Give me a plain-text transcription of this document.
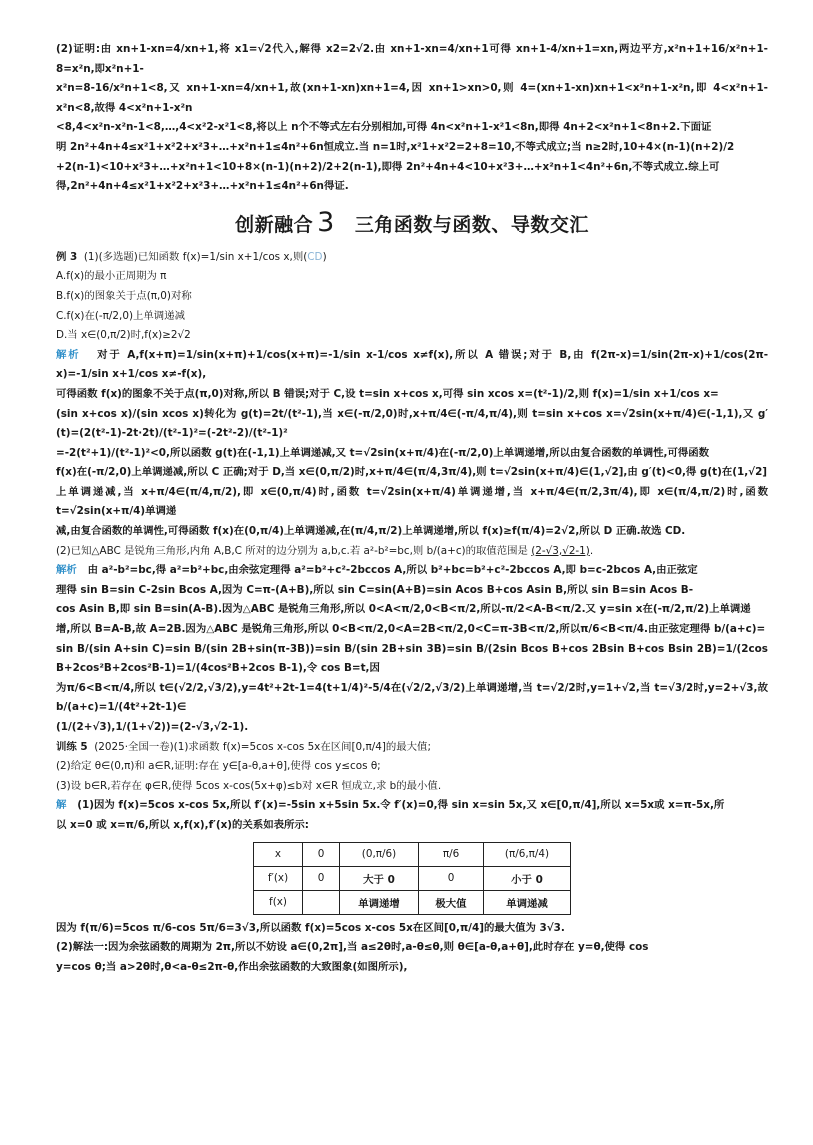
(2)证明:由 xn+1-xn=4/xn+1,将 x1=√2代入,解得 x2=2√2.由 xn+1-xn=4/xn+1可得 xn+1-4/xn+1=xn,两边平方,x²n+1+16/x²n+1-8=x²n,即x²n+1-

x²n=8-16/x²n+1<8,又 xn+1-xn=4/xn+1,故(xn+1-xn)xn+1=4,因 xn+1>xn>0,则 4=(xn+1-xn)xn+1<x²n+1-x²n,即 4<x²n+1-x²n<8,故得 4<x²n+1-x²n

<8,4<x²n-x²n-1<8,…,4<x²2-x²1<8,将以上 n个不等式左右分别相加,可得 4n<x²n+1-x²1<8n,即得 4n+2<x²n+1<8n+2.下面证

明 2n²+4n+4≤x²1+x²2+x²3+…+x²n+1≤4n²+6n恒成立.当 n=1时,x²1+x²2=2+8=10,不等式成立;当 n≥2时,10+4×(n-1)(n+2)/2

+2(n-1)<10+x²3+…+x²n+1<10+8×(n-1)(n+2)/2+2(n-1),即得 2n²+4n+4<10+x²3+…+x²n+1<4n²+6n,不等式成立.综上可

得,2n²+4n+4≤x²1+x²2+x²3+…+x²n+1≤4n²+6n得证.

创新融合 3 三角函数与函数、导数交汇

例 3 (1)(多选题)已知函数 f(x)=1/sin x+1/cos x,则(CD)

A.f(x)的最小正周期为 π

B.f(x)的图象关于点(π,0)对称

C.f(x)在(-π/2,0)上单调递减

D.当 x∈(0,π/2)时,f(x)≥2√2

解析 对于 A,f(x+π)=1/sin(x+π)+1/cos(x+π)=-1/sin x-1/cos x≠f(x),所以 A 错误;对于 B,由 f(2π-x)=1/sin(2π-x)+1/cos(2π-x)=-1/sin x+1/cos x≠-f(x),

可得函数 f(x)的图象不关于点(π,0)对称,所以 B 错误;对于 C,设 t=sin x+cos x,可得 sin xcos x=(t²-1)/2,则 f(x)=1/sin x+1/cos x=

(sin x+cos x)/(sin xcos x)转化为 g(t)=2t/(t²-1),当 x∈(-π/2,0)时,x+π/4∈(-π/4,π/4),则 t=sin x+cos x=√2sin(x+π/4)∈(-1,1),又 g′(t)=(2(t²-1)-2t·2t)/(t²-1)²=(-2t²-2)/(t²-1)²

=-2(t²+1)/(t²-1)²<0,所以函数 g(t)在(-1,1)上单调递减,又 t=√2sin(x+π/4)在(-π/2,0)上单调递增,所以由复合函数的单调性,可得函数

f(x)在(-π/2,0)上单调递减,所以 C 正确;对于 D,当 x∈(0,π/2)时,x+π/4∈(π/4,3π/4),则 t=√2sin(x+π/4)∈(1,√2],由 g′(t)<0,得 g(t)在(1,√2]

上单调递减,当 x+π/4∈(π/4,π/2),即 x∈(0,π/4)时,函数 t=√2sin(x+π/4)单调递增,当 x+π/4∈(π/2,3π/4),即 x∈(π/4,π/2)时,函数 t=√2sin(x+π/4)单调递

减,由复合函数的单调性,可得函数 f(x)在(0,π/4)上单调递减,在(π/4,π/2)上单调递增,所以 f(x)≥f(π/4)=2√2,所以 D 正确.故选 CD.

(2)已知△ABC 是锐角三角形,内角 A,B,C 所对的边分别为 a,b,c.若 a²-b²=bc,则 b/(a+c)的取值范围是 (2-√3,√2-1).

解析 由 a²-b²=bc,得 a²=b²+bc,由余弦定理得 a²=b²+c²-2bccos A,所以 b²+bc=b²+c²-2bccos A,即 b=c-2bcos A,由正弦定

理得 sin B=sin C-2sin Bcos A,因为 C=π-(A+B),所以 sin C=sin(A+B)=sin Acos B+cos Asin B,所以 sin B=sin Acos B-

cos Asin B,即 sin B=sin(A-B).因为△ABC 是锐角三角形,所以 0<A<π/2,0<B<π/2,所以-π/2<A-B<π/2.又 y=sin x在(-π/2,π/2)上单调递

增,所以 B=A-B,故 A=2B.因为△ABC 是锐角三角形,所以 0<B<π/2,0<A=2B<π/2,0<C=π-3B<π/2,所以π/6<B<π/4.由正弦定理得 b/(a+c)=

sin B/(sin A+sin C)=sin B/(sin 2B+sin(π-3B))=sin B/(sin 2B+sin 3B)=sin B/(2sin Bcos B+cos 2Bsin B+cos Bsin 2B)=1/(2cos B+2cos²B+2cos²B-1)=1/(4cos²B+2cos B-1),令 cos B=t,因

为π/6<B<π/4,所以 t∈(√2/2,√3/2),y=4t²+2t-1=4(t+1/4)²-5/4在(√2/2,√3/2)上单调递增,当 t=√2/2时,y=1+√2,当 t=√3/2时,y=2+√3,故 b/(a+c)=1/(4t²+2t-1)∈

(1/(2+√3),1/(1+√2))=(2-√3,√2-1).

训练 5 (2025·全国一卷)(1)求函数 f(x)=5cos x-cos 5x在区间[0,π/4]的最大值;

(2)给定 θ∈(0,π)和 a∈R,证明:存在 y∈[a-θ,a+θ],使得 cos y≤cos θ;

(3)设 b∈R,若存在 φ∈R,使得 5cos x-cos(5x+φ)≤b对 x∈R 恒成立,求 b的最小值.

解 (1)因为 f(x)=5cos x-cos 5x,所以 f′(x)=-5sin x+5sin 5x.令 f′(x)=0,得 sin x=sin 5x,又 x∈[0,π/4],所以 x=5x或 x=π-5x,所

以 x=0 或 x=π/6,所以 x,f(x),f′(x)的关系如表所示:

x	0	(0,π/6)	π/6	(π/6,π/4)
f′(x)	0	大于 0	0	小于 0
f(x)		单调递增	极大值	单调递减

因为 f(π/6)=5cos π/6-cos 5π/6=3√3,所以函数 f(x)=5cos x-cos 5x在区间[0,π/4]的最大值为 3√3.

(2)解法一:因为余弦函数的周期为 2π,所以不妨设 a∈(0,2π],当 a≤2θ时,a-θ≤θ,则 θ∈[a-θ,a+θ],此时存在 y=θ,使得 cos

y=cos θ;当 a>2θ时,θ<a-θ≤2π-θ,作出余弦函数的大致图象(如图所示),
